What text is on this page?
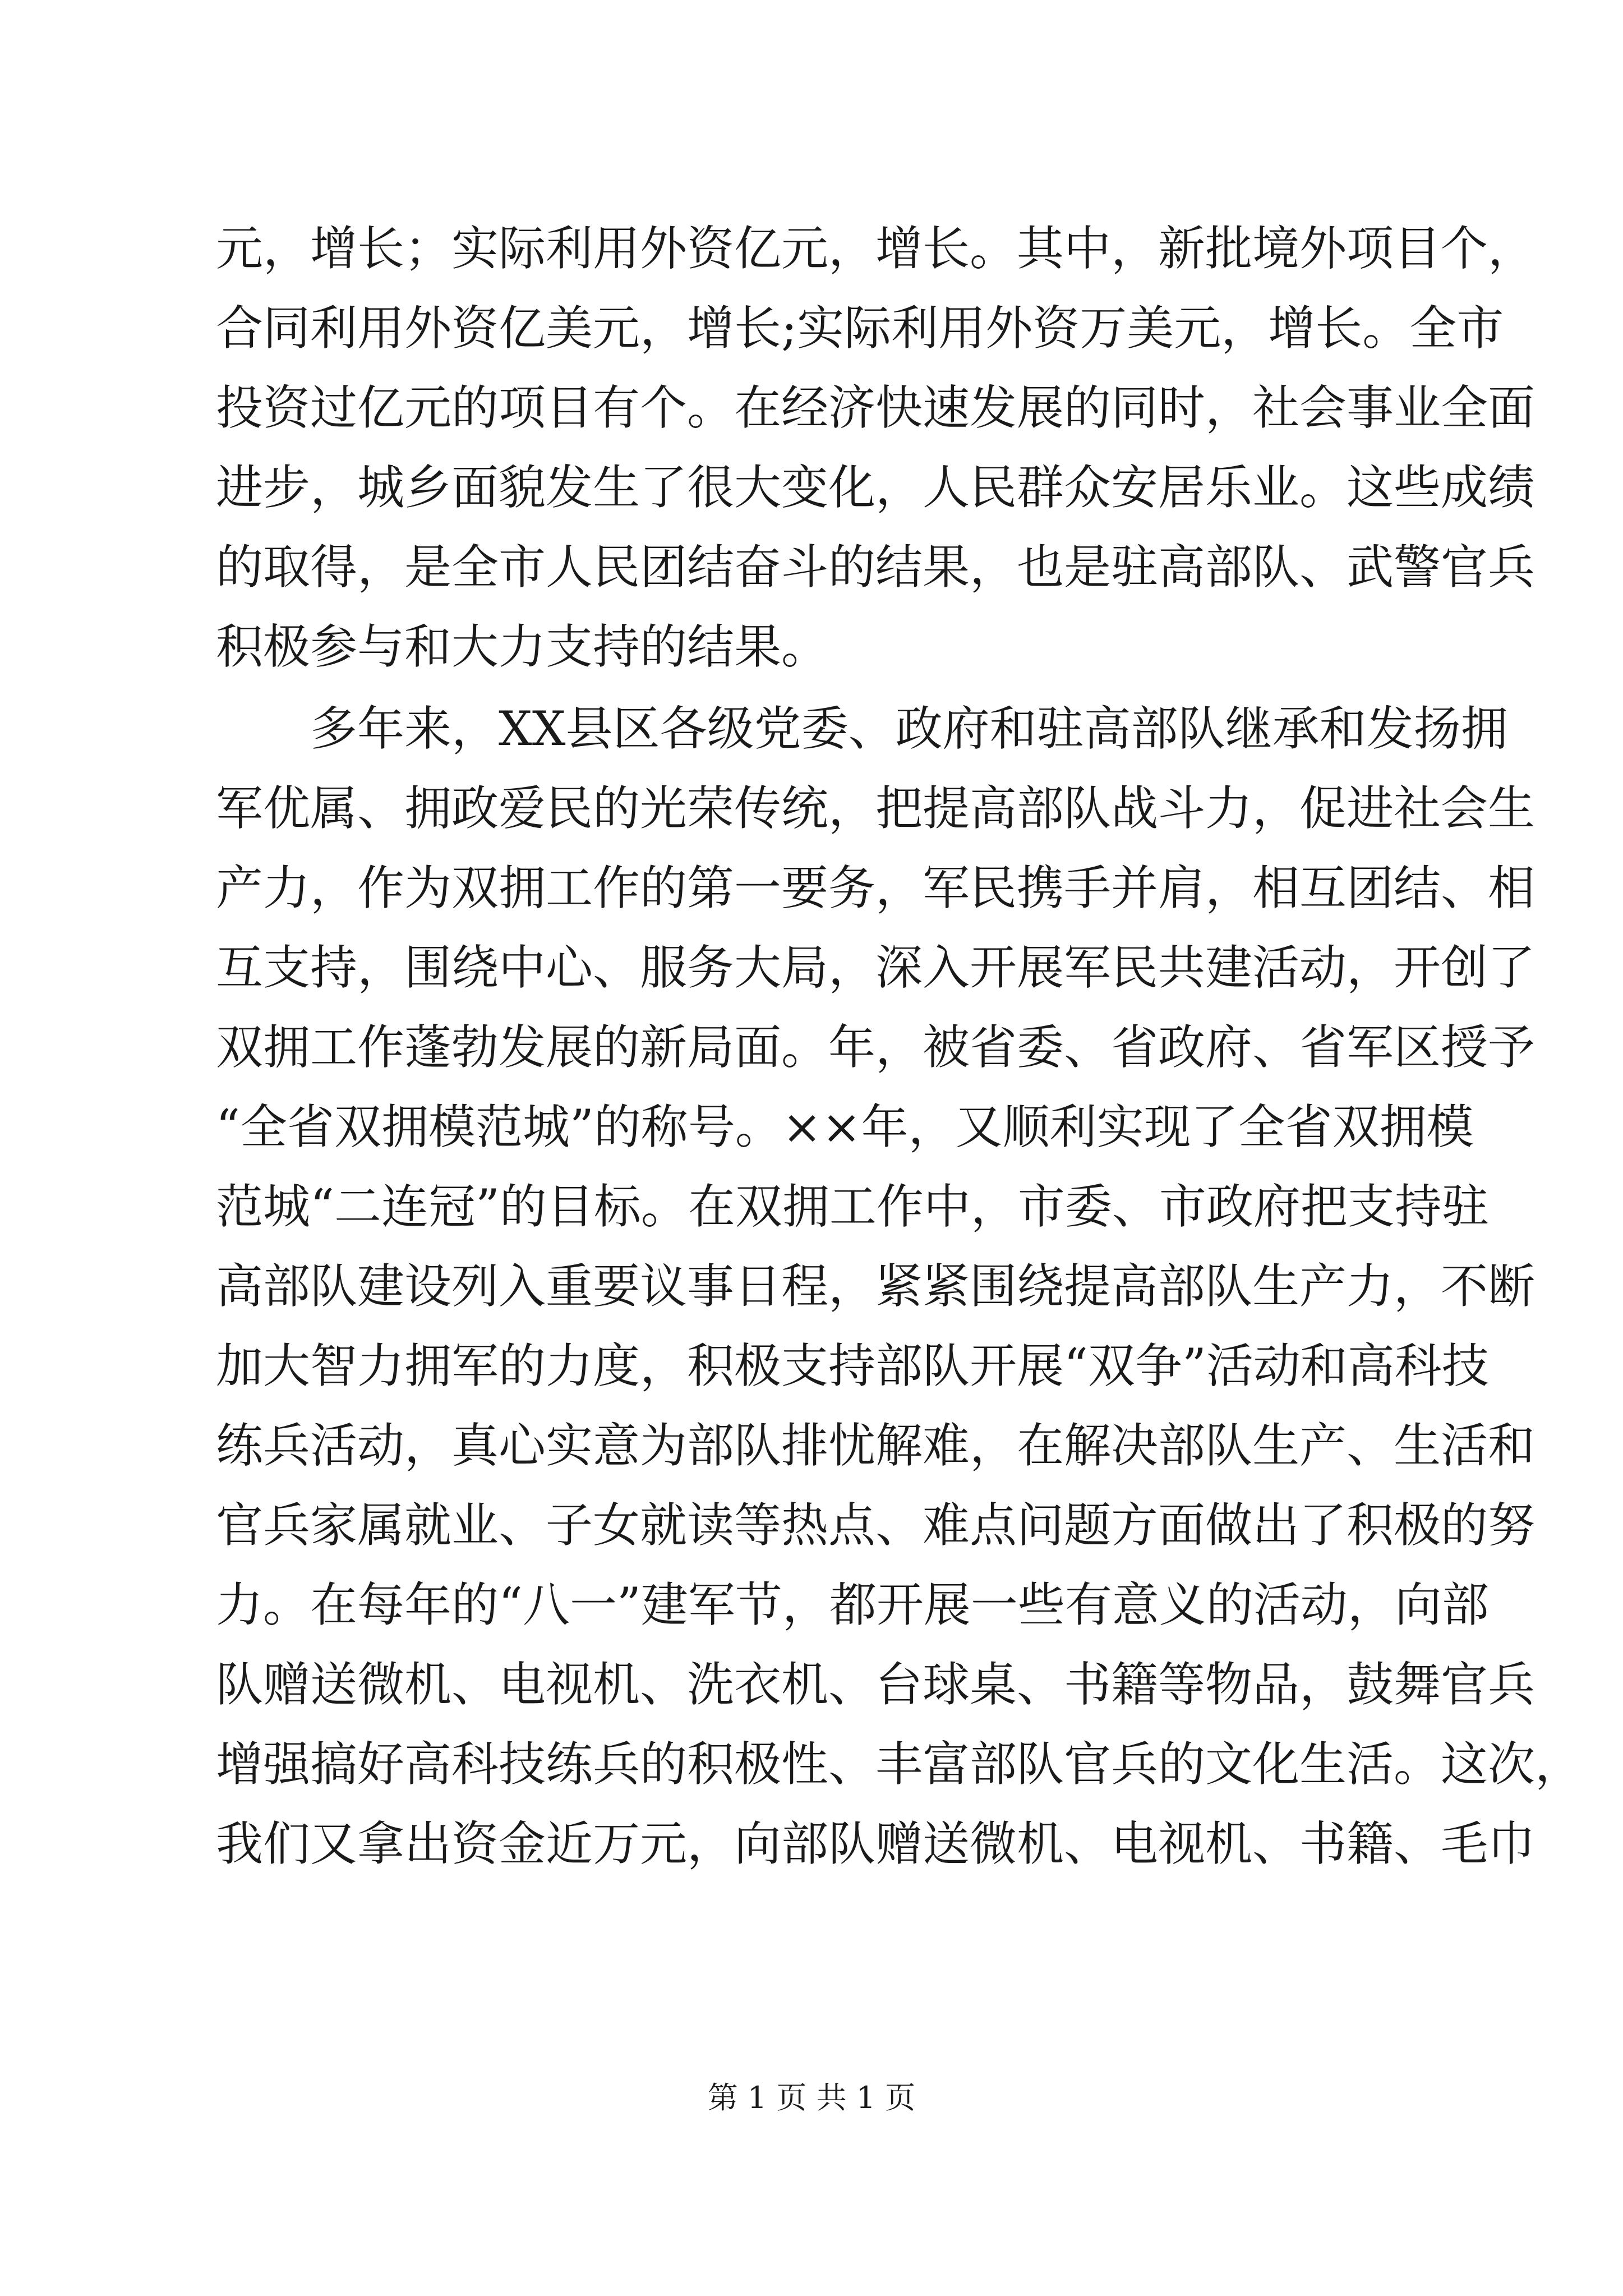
元，增长；实际利用外资亿元，增长。其中，新批境外项目个，
合同利用外资亿美元，增长;实际利用外资万美元，增长。全市
投资过亿元的项目有个。在经济快速发展的同时，社会事业全面
进步，城乡面貌发生了很大变化，人民群众安居乐业。这些成绩
的取得，是全市人民团结奋斗的结果，也是驻高部队、武警官兵
积极参与和大力支持的结果。
多年来，XX县区各级党委、政府和驻高部队继承和发扬拥
军优属、拥政爱民的光荣传统，把提高部队战斗力，促进社会生
产力，作为双拥工作的第一要务，军民携手并肩，相互团结、相
互支持，围绕中心、服务大局，深入开展军民共建活动，开创了
双拥工作蓬勃发展的新局面。年，被省委、省政府、省军区授予
“全省双拥模范城”的称号。××年，又顺利实现了全省双拥模
范城“二连冠”的目标。在双拥工作中，市委、市政府把支持驻
高部队建设列入重要议事日程，紧紧围绕提高部队生产力，不断
加大智力拥军的力度，积极支持部队开展“双争”活动和高科技
练兵活动，真心实意为部队排忧解难，在解决部队生产、生活和
官兵家属就业、子女就读等热点、难点问题方面做出了积极的努
力。在每年的“八一”建军节，都开展一些有意义的活动，向部
队赠送微机、电视机、洗衣机、台球桌、书籍等物品，鼓舞官兵
增强搞好高科技练兵的积极性、丰富部队官兵的文化生活。这次，
我们又拿出资金近万元，向部队赠送微机、电视机、书籍、毛巾
第 1 页 共 1 页
